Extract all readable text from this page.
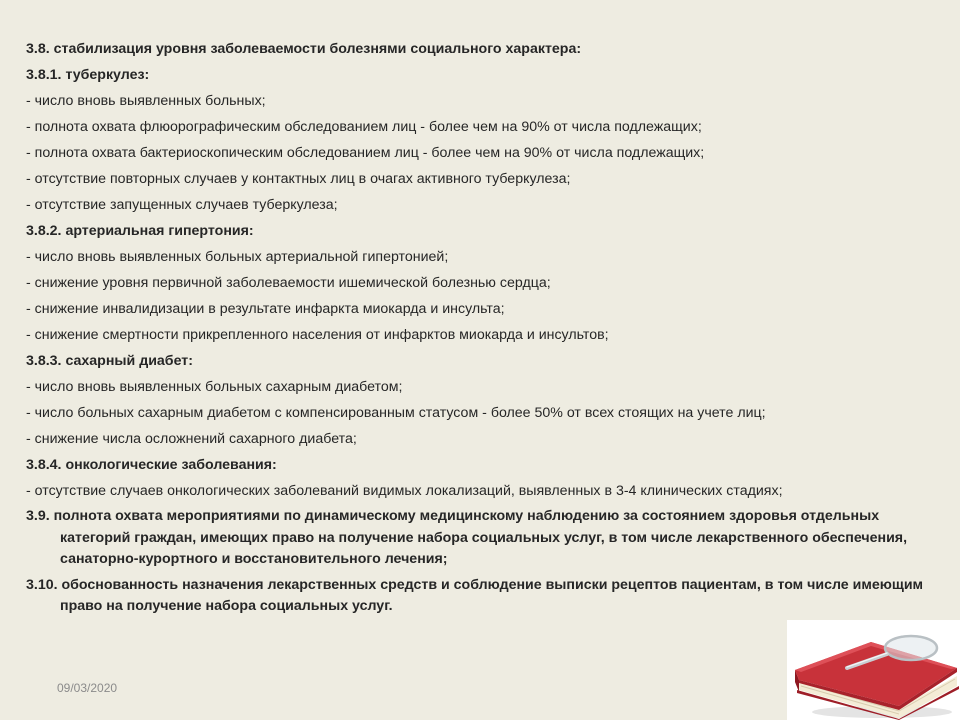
3.8. стабилизация уровня заболеваемости болезнями социального характера:
3.8.1. туберкулез:
- число вновь выявленных больных;
- полнота охвата флюорографическим обследованием лиц - более чем на 90% от числа подлежащих;
- полнота охвата бактериоскопическим обследованием лиц - более чем на 90% от числа подлежащих;
- отсутствие повторных случаев у контактных лиц в очагах активного туберкулеза;
- отсутствие запущенных случаев туберкулеза;
3.8.2. артериальная гипертония:
- число вновь выявленных больных артериальной гипертонией;
- снижение уровня первичной заболеваемости ишемической болезнью сердца;
- снижение инвалидизации в результате инфаркта миокарда и инсульта;
- снижение смертности прикрепленного населения от инфарктов миокарда и инсультов;
3.8.3. сахарный диабет:
- число вновь выявленных больных сахарным диабетом;
- число больных сахарным диабетом с компенсированным статусом - более 50% от всех стоящих на учете лиц;
- снижение числа осложнений сахарного диабета;
3.8.4. онкологические заболевания:
- отсутствие случаев онкологических заболеваний видимых локализаций, выявленных в 3-4 клинических стадиях;
3.9. полнота охвата мероприятиями по динамическому медицинскому наблюдению за состоянием здоровья отдельных категорий граждан, имеющих право на получение набора социальных услуг, в том числе лекарственного обеспечения, санаторно-курортного и восстановительного лечения;
3.10. обоснованность назначения лекарственных средств и соблюдение выписки рецептов пациентам, в том числе имеющим право на получение набора социальных услуг.
09/03/2020
